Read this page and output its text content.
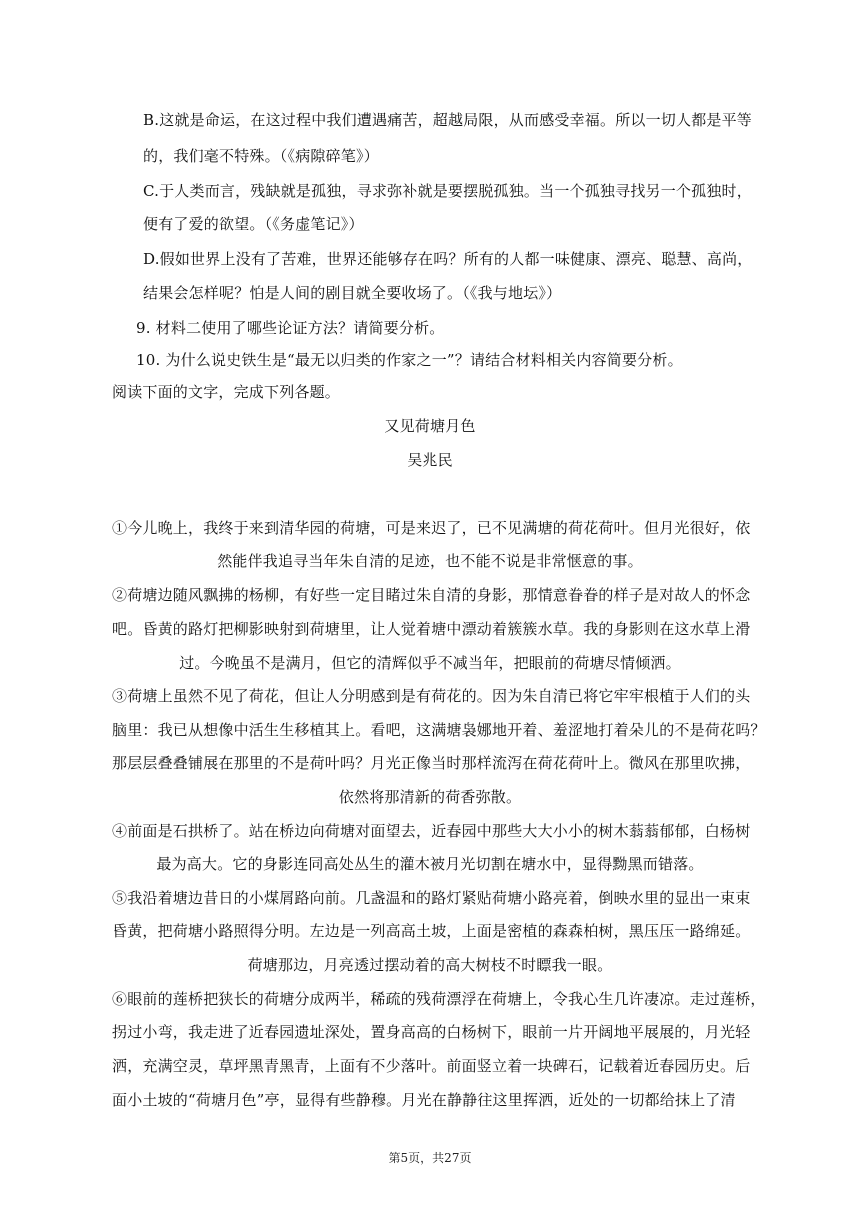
B.这就是命运，在这过程中我们遭遇痛苦，超越局限，从而感受幸福。所以一切人都是平等
的，我们毫不特殊。（《病隙碎笔》）
C.于人类而言，残缺就是孤独，寻求弥补就是要摆脱孤独。当一个孤独寻找另一个孤独时，
便有了爱的欲望。（《务虚笔记》）
D.假如世界上没有了苦难，世界还能够存在吗？所有的人都一味健康、漂亮、聪慧、高尚，
结果会怎样呢？怕是人间的剧目就全要收场了。（《我与地坛》）
9. 材料二使用了哪些论证方法？请简要分析。
10. 为什么说史铁生是“最无以归类的作家之一”？请结合材料相关内容简要分析。
阅读下面的文字，完成下列各题。
又见荷塘月色
吴兆民
①今儿晚上，我终于来到清华园的荷塘，可是来迟了，已不见满塘的荷花荷叶。但月光很好，依
然能伴我追寻当年朱自清的足迹，也不能不说是非常惬意的事。
②荷塘边随风飘拂的杨柳，有好些一定目睹过朱自清的身影，那情意眷眷的样子是对故人的怀念
吧。昏黄的路灯把柳影映射到荷塘里，让人觉着塘中漂动着簇簇水草。我的身影则在这水草上滑
过。今晚虽不是满月，但它的清辉似乎不减当年，把眼前的荷塘尽情倾洒。
③荷塘上虽然不见了荷花，但让人分明感到是有荷花的。因为朱自清已将它牢牢根植于人们的头
脑里：我已从想像中活生生移植其上。看吧，这满塘袅娜地开着、羞涩地打着朵儿的不是荷花吗？
那层层叠叠铺展在那里的不是荷叶吗？月光正像当时那样流泻在荷花荷叶上。微风在那里吹拂，
依然将那清新的荷香弥散。
④前面是石拱桥了。站在桥边向荷塘对面望去，近春园中那些大大小小的树木蓊蓊郁郁，白杨树
最为高大。它的身影连同高处丛生的灌木被月光切割在塘水中，显得黝黑而错落。
⑤我沿着塘边昔日的小煤屑路向前。几盏温和的路灯紧贴荷塘小路亮着，倒映水里的显出一束束
昏黄，把荷塘小路照得分明。左边是一列高高土坡，上面是密植的森森柏树，黑压压一路绵延。
荷塘那边，月亮透过摆动着的高大树枝不时瞟我一眼。
⑥眼前的莲桥把狭长的荷塘分成两半，稀疏的残荷漂浮在荷塘上，令我心生几许凄凉。走过莲桥，
拐过小弯，我走进了近春园遗址深处，置身高高的白杨树下，眼前一片开阔地平展展的，月光轻
洒，充满空灵，草坪黑青黑青，上面有不少落叶。前面竖立着一块碑石，记载着近春园历史。后
面小土坡的“荷塘月色”亭，显得有些静穆。月光在静静往这里挥洒，近处的一切都给抹上了清
第5页，共27页
